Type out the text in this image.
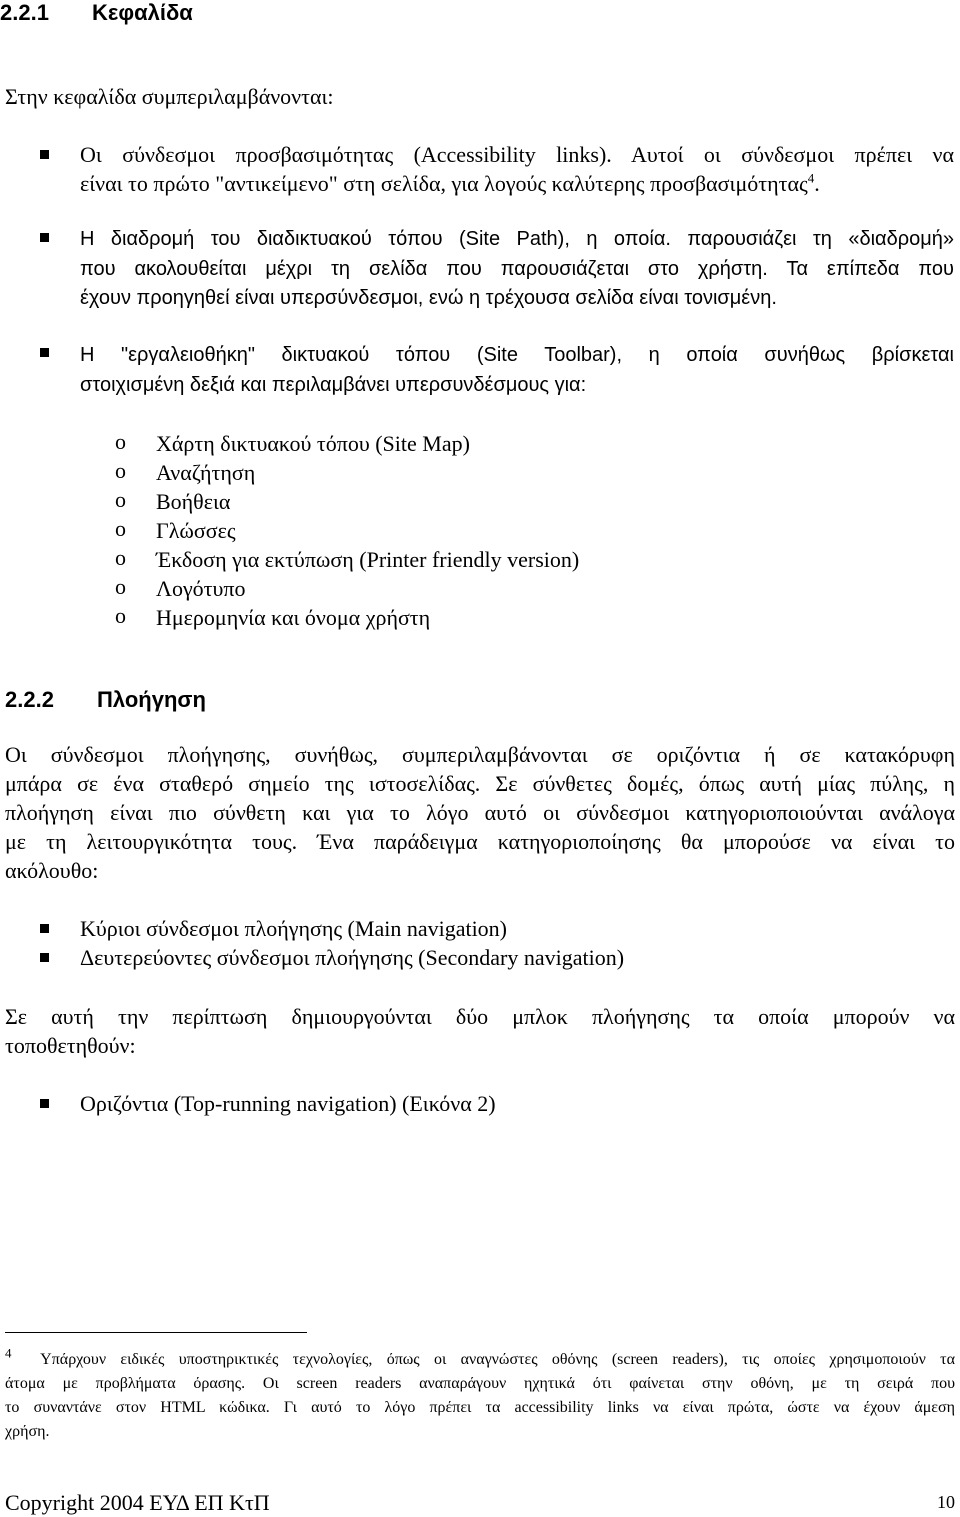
2.2.1 Κεφαλίδα
Στην κεφαλίδα συμπεριλαμβάνονται:
Οι σύνδεσμοι προσβασιμότητας (Accessibility links). Αυτοί οι σύνδεσμοι πρέπει να
είναι το πρώτο "αντικείμενο" στη σελίδα, για λογούς καλύτερης προσβασιμότητας$^4$.
Η διαδρομή του διαδικτυακού τόπου (Site Path), η οποία. παρουσιάζει τη «διαδρομή»
που ακολουθείται μέχρι τη σελίδα που παρουσιάζεται στο χρήστη. Τα επίπεδα που
έχουν προηγηθεί είναι υπερσύνδεσμοι, ενώ η τρέχουσα σελίδα είναι τονισμένη.
Η "εργαλειοθήκη" δικτυακού τόπου (Site Toolbar), η οποία συνήθως βρίσκεται
στοιχισμένη δεξιά και περιλαμβάνει υπερσυνδέσμους για:
o Χάρτη δικτυακού τόπου (Site Map)
o Αναζήτηση
o Βοήθεια
o Γλώσσες
o Έκδοση για εκτύπωση (Printer friendly version)
o Λογότυπο
o Ημερομηνία και όνομα χρήστη
2.2.2 Πλοήγηση
Οι σύνδεσμοι πλοήγησης, συνήθως, συμπεριλαμβάνονται σε οριζόντια ή σε κατακόρυφη
μπάρα σε ένα σταθερό σημείο της ιστοσελίδας. Σε σύνθετες δομές, όπως αυτή μίας πύλης, η
πλοήγηση είναι πιο σύνθετη και για το λόγο αυτό οι σύνδεσμοι κατηγοριοποιούνται ανάλογα
με τη λειτουργικότητα τους. Ένα παράδειγμα κατηγοριοποίησης θα μπορούσε να είναι το
ακόλουθο:
Κύριοι σύνδεσμοι πλοήγησης (Main navigation)
Δευτερεύοντες σύνδεσμοι πλοήγησης (Secondary navigation)
Σε αυτή την περίπτωση δημιουργούνται δύο μπλοκ πλοήγησης τα οποία μπορούν να
τοποθετηθούν:
Οριζόντια (Top-running navigation) (Εικόνα 2)
$^4$ Υπάρχουν ειδικές υποστηρικτικές τεχνολογίες, όπως οι αναγνώστες οθόνης (screen readers), τις οποίες χρησιμοποιούν τα
άτομα με προβλήματα όρασης. Οι screen readers αναπαράγουν ηχητικά ότι φαίνεται στην οθόνη, με τη σειρά που
το συναντάνε στον HTML κώδικα. Γι αυτό το λόγο πρέπει τα accessibility links να είναι πρώτα, ώστε να έχουν άμεση
χρήση.
Copyright 2004 ΕΥΔ ΕΠ ΚτΠ	10
